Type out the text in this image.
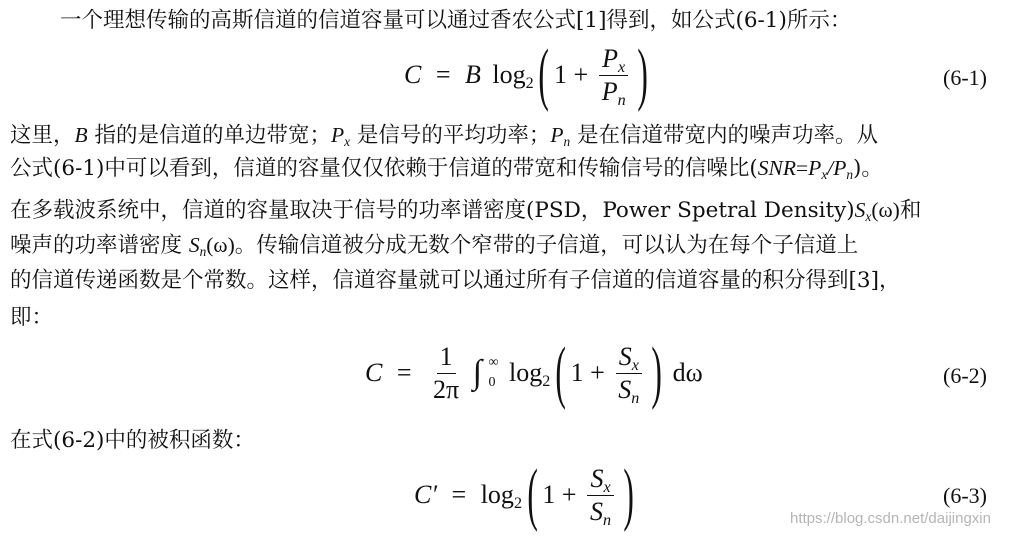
一个理想传输的高斯信道的信道容量可以通过香农公式[1]得到，如公式(6-1)所示：
C = B $\log_2$ ( $1 + \frac{P_x}{P_n}$ )	(6-1)
这里，B 指的是信道的单边带宽；$P_x$ 是信号的平均功率；$P_n$ 是在信道带宽内的噪声功率。从
公式(6-1)中可以看到，信道的容量仅仅依赖于信道的带宽和传输信号的信噪比$(SNR=P_x/P_n)$。
在多载波系统中，信道的容量取决于信号的功率谱密度(PSD，Power Spetral $Density)S_x(\omega)$和
噪声的功率谱密度 $S_n(\omega)$。传输信道被分成无数个窄带的子信道，可以认为在每个子信道上
的信道传递函数是个常数。这样，信道容量就可以通过所有子信道的信道容量的积分得到[3]，
即：
$C = \frac{1}{2\pi}$ ∫ ∞
0 $\log_2$ ( $1 + \frac{S_x}{S_n}$ ) dω	(6-2)
在式(6-2)中的被积函数：
$C' = \log_2$ ( $1 + \frac{S_x}{S_n}$ )	(6-3)
https://blog.csdn.net/daijingxin
